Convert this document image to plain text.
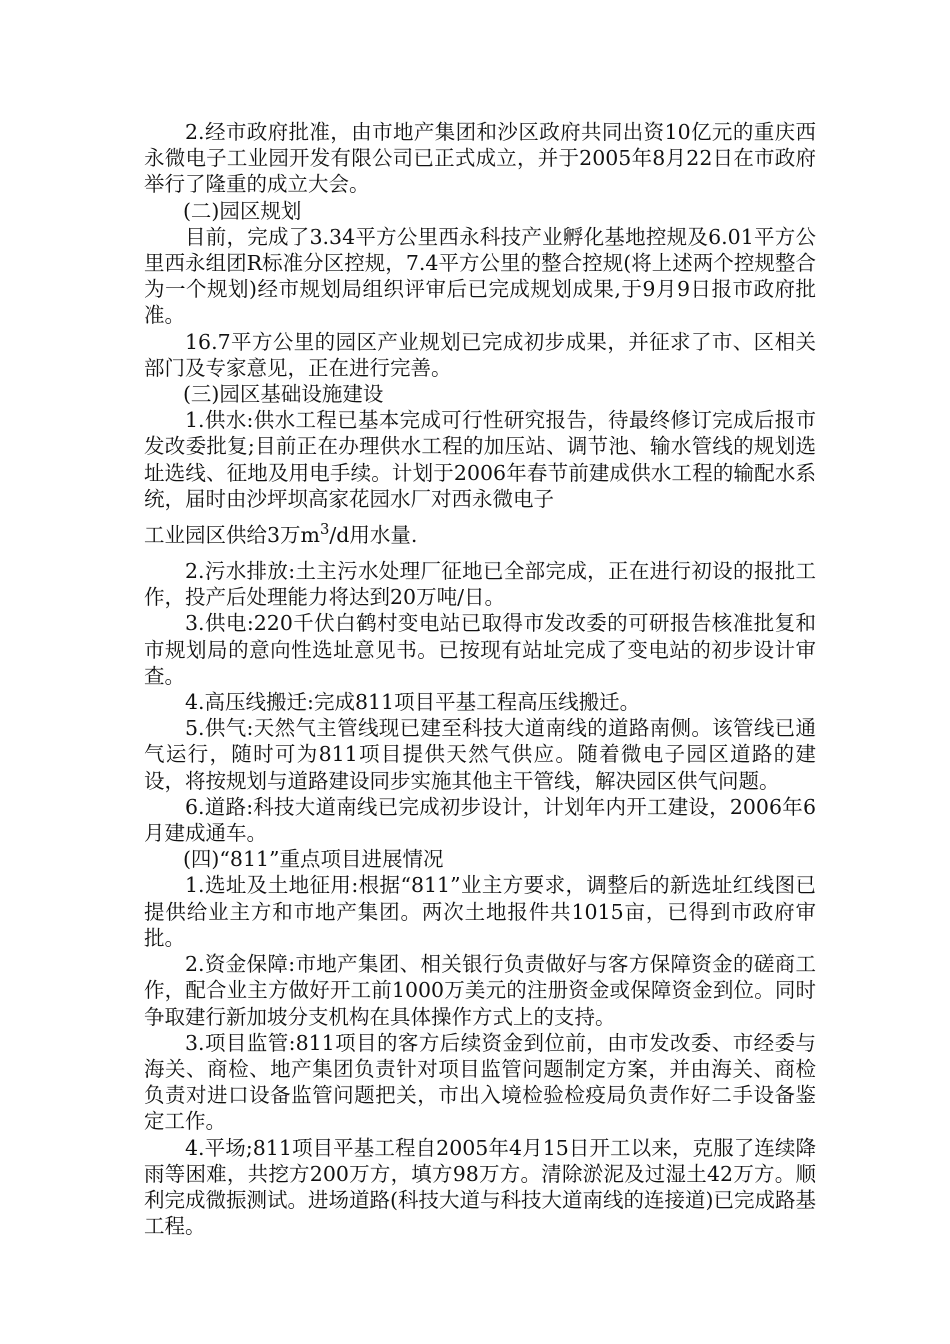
2.经市政府批准，由市地产集团和沙区政府共同出资10亿元的重庆西永微电子工业园开发有限公司已正式成立，并于2005年8月22日在市政府举行了隆重的成立大会。

(二)园区规划

目前，完成了3.34平方公里西永科技产业孵化基地控规及6.01平方公里西永组团R标准分区控规，7.4平方公里的整合控规(将上述两个控规整合为一个规划)经市规划局组织评审后已完成规划成果,于9月9日报市政府批准。

16.7平方公里的园区产业规划已完成初步成果，并征求了市、区相关部门及专家意见，正在进行完善。

(三)园区基础设施建设

1.供水:供水工程已基本完成可行性研究报告，待最终修订完成后报市发改委批复;目前正在办理供水工程的加压站、调节池、输水管线的规划选址选线、征地及用电手续。计划于2006年春节前建成供水工程的输配水系统，届时由沙坪坝高家花园水厂对西永微电子
工业园区供给3万$m^3/d$用水量.

2.污水排放:土主污水处理厂征地已全部完成，正在进行初设的报批工作，投产后处理能力将达到20万吨/日。

3.供电:220千伏白鹤村变电站已取得市发改委的可研报告核准批复和市规划局的意向性选址意见书。已按现有站址完成了变电站的初步设计审查。

4.高压线搬迁:完成811项目平基工程高压线搬迁。

5.供气:天然气主管线现已建至科技大道南线的道路南侧。该管线已通气运行，随时可为811项目提供天然气供应。随着微电子园区道路的建设，将按规划与道路建设同步实施其他主干管线，解决园区供气问题。

6.道路:科技大道南线已完成初步设计，计划年内开工建设，2006年6月建成通车。

(四)“811”重点项目进展情况

1.选址及土地征用:根据“811”业主方要求，调整后的新选址红线图已提供给业主方和市地产集团。两次土地报件共1015亩，已得到市政府审批。

2.资金保障:市地产集团、相关银行负责做好与客方保障资金的磋商工作，配合业主方做好开工前1000万美元的注册资金或保障资金到位。同时争取建行新加坡分支机构在具体操作方式上的支持。

3.项目监管:811项目的客方后续资金到位前，由市发改委、市经委与海关、商检、地产集团负责针对项目监管问题制定方案，并由海关、商检负责对进口设备监管问题把关，市出入境检验检疫局负责作好二手设备鉴定工作。

4.平场;811项目平基工程自2005年4月15日开工以来，克服了连续降雨等困难，共挖方200万方，填方98万方。清除淤泥及过湿土42万方。顺利完成微振测试。进场道路(科技大道与科技大道南线的连接道)已完成路基工程。
